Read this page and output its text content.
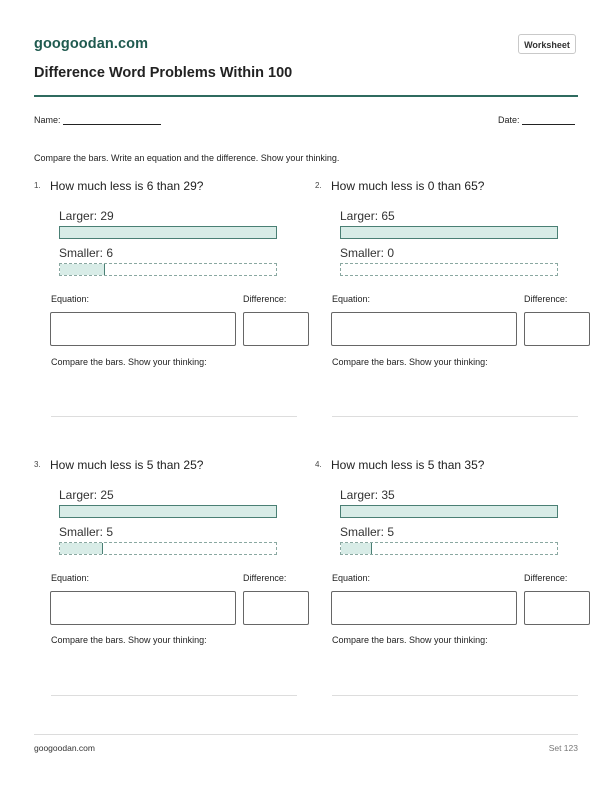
googoodan.com	Worksheet
Difference Word Problems Within 100
Name:	Date:
Compare the bars. Write an equation and the difference. Show your thinking.
1. How much less is 6 than 29?
Larger: 29
Smaller: 6
Equation:	Difference:
Compare the bars. Show your thinking:
2. How much less is 0 than 65?
Larger: 65
Smaller: 0
Equation:	Difference:
Compare the bars. Show your thinking:
3. How much less is 5 than 25?
Larger: 25
Smaller: 5
Equation:	Difference:
Compare the bars. Show your thinking:
4. How much less is 5 than 35?
Larger: 35
Smaller: 5
Equation:	Difference:
Compare the bars. Show your thinking:
googoodan.com	Set 123
